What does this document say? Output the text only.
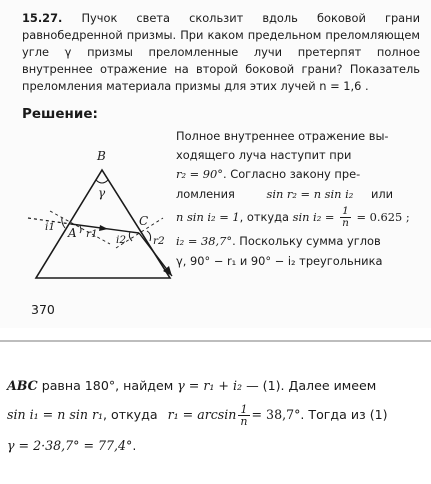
15.27. Пучок света скользит вдоль боковой грани равнобедренной призмы. При каком предельном преломляющем угле γ призмы преломленные лучи претерпят полное внутреннее отражение на второй боковой грани? Показатель преломления материала призмы для этих лучей n = 1,6 .
Решение:
B
γ
A
C
i1
r1 i2	r2
Полное внутреннее отражение вы-
ходящего луча наступит при
r₂ = 90°. Согласно закону пре-
ломления	sin r₂ = n sin i₂ или
n sin i₂ = 1, откуда $\sin i_2 = \frac{1}{n} = 0.625$ ;
i₂ = 38,7°. Поскольку сумма углов
γ, 90° − r₁ и 90° − i₂ треугольника
370
ABC равна 180°, найдем γ = r₁ + i₂ — (1). Далее имеем
sin i₁ = n sin r₁, откуда $r_1 = \arcsin \frac{1}{n} = 38,7^\circ$. Тогда из (1)
γ = 2·38,7° = 77,4°.
